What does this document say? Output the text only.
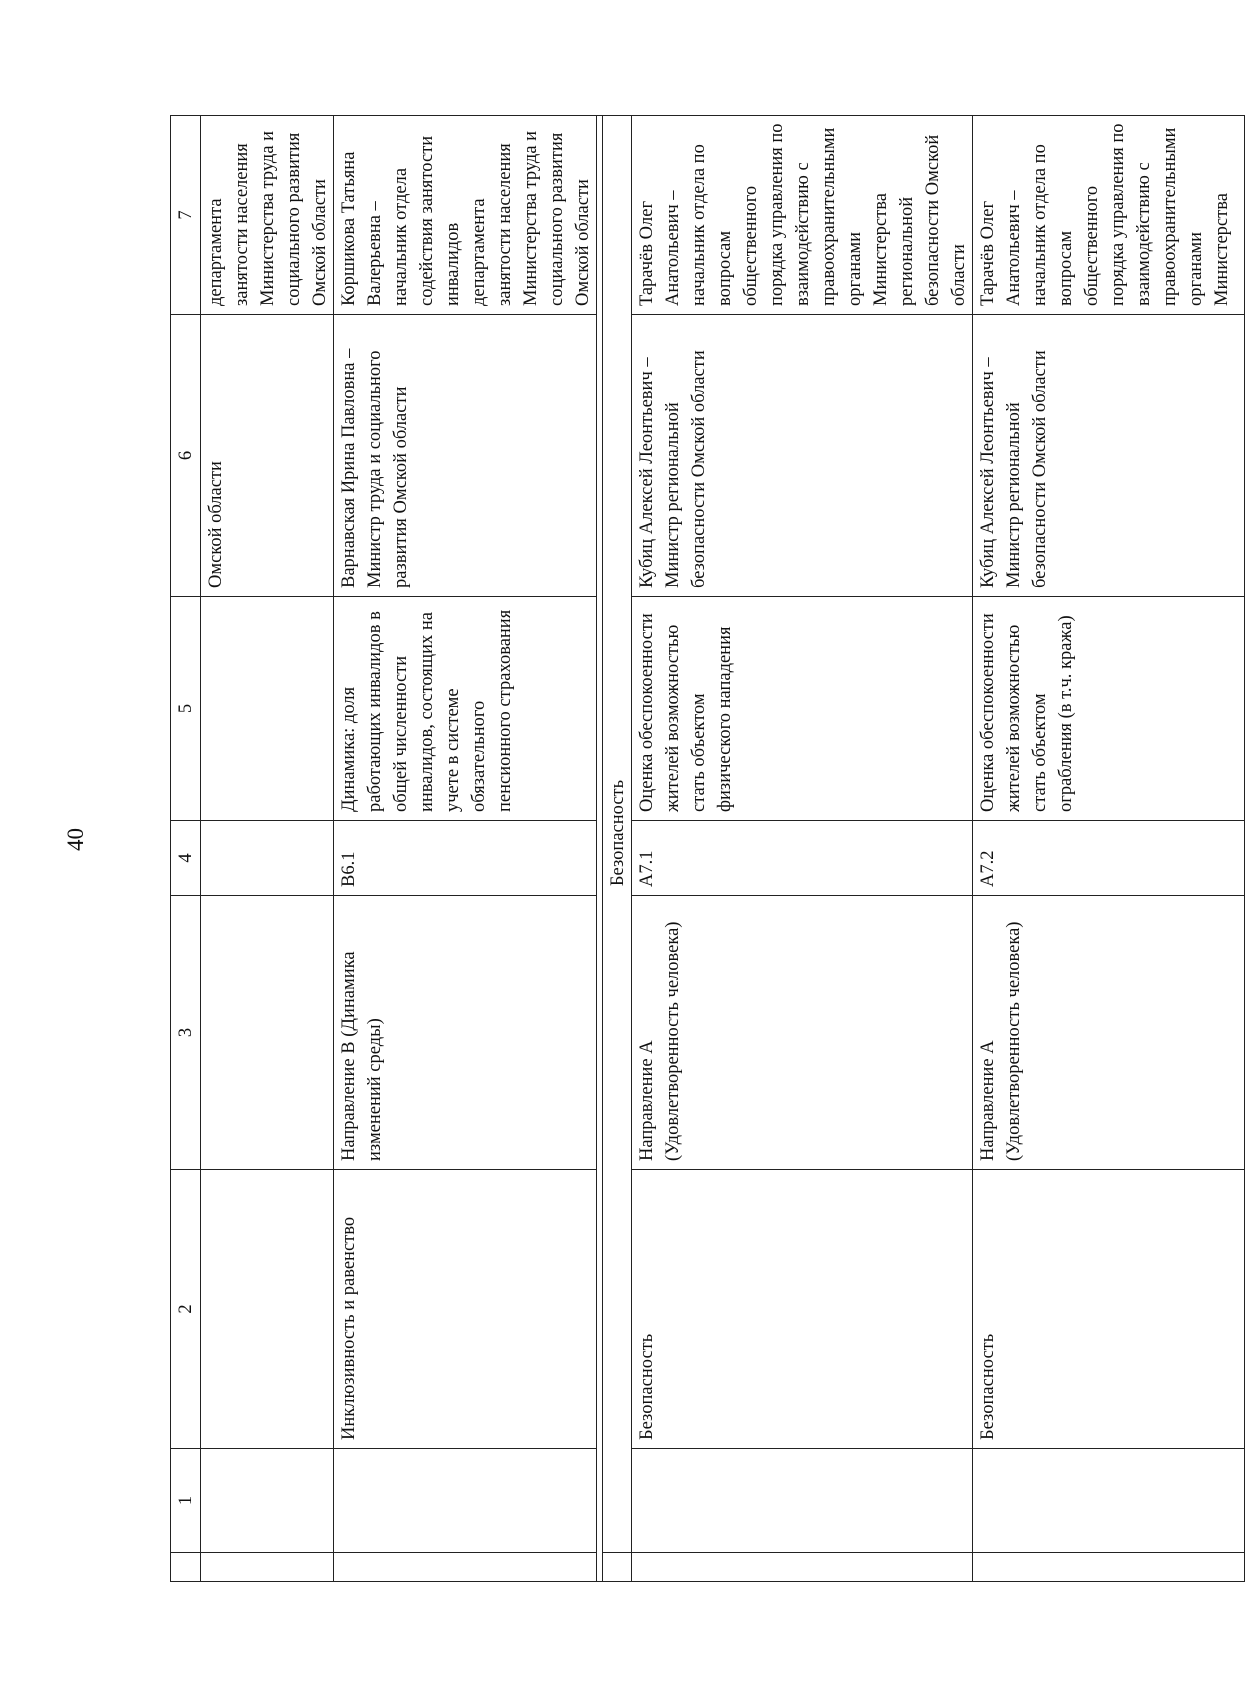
40
	1	2	3	4	5	6	7
						Омской области	департамента занятости населения Министерства труда и социального развития Омской области
		Инклюзивность и равенство	Направление В (Динамика изменений среды)	В6.1	Динамика: доля работающих инвалидов в общей численности инвалидов, состоящих на учете в системе обязательного пенсионного страхования	Варнавская Ирина Павловна – Министр труда и социального развития Омской области	Коршикова Татьяна Валерьевна – начальник отдела содействия занятости инвалидов департамента занятости населения Министерства труда и социального развития Омской области

	Безопасность						
		Безопасность	Направление А (Удовлетворенность человека)	А7.1	Оценка обеспокоенности жителей возможностью стать объектом физического нападения	Кубиц Алексей Леонтьевич – Министр региональной безопасности Омской области	Тарачёв Олег Анатольевич – начальник отдела по вопросам общественного порядка управления по взаимодействию с правоохранительными органами Министерства региональной безопасности Омской области
		Безопасность	Направление А (Удовлетворенность человека)	А7.2	Оценка обеспокоенности жителей возможностью стать объектом ограбления (в т.ч. кража)	Кубиц Алексей Леонтьевич – Министр региональной безопасности Омской области	Тарачёв Олег Анатольевич – начальник отдела по вопросам общественного порядка управления по взаимодействию с правоохранительными органами Министерства
